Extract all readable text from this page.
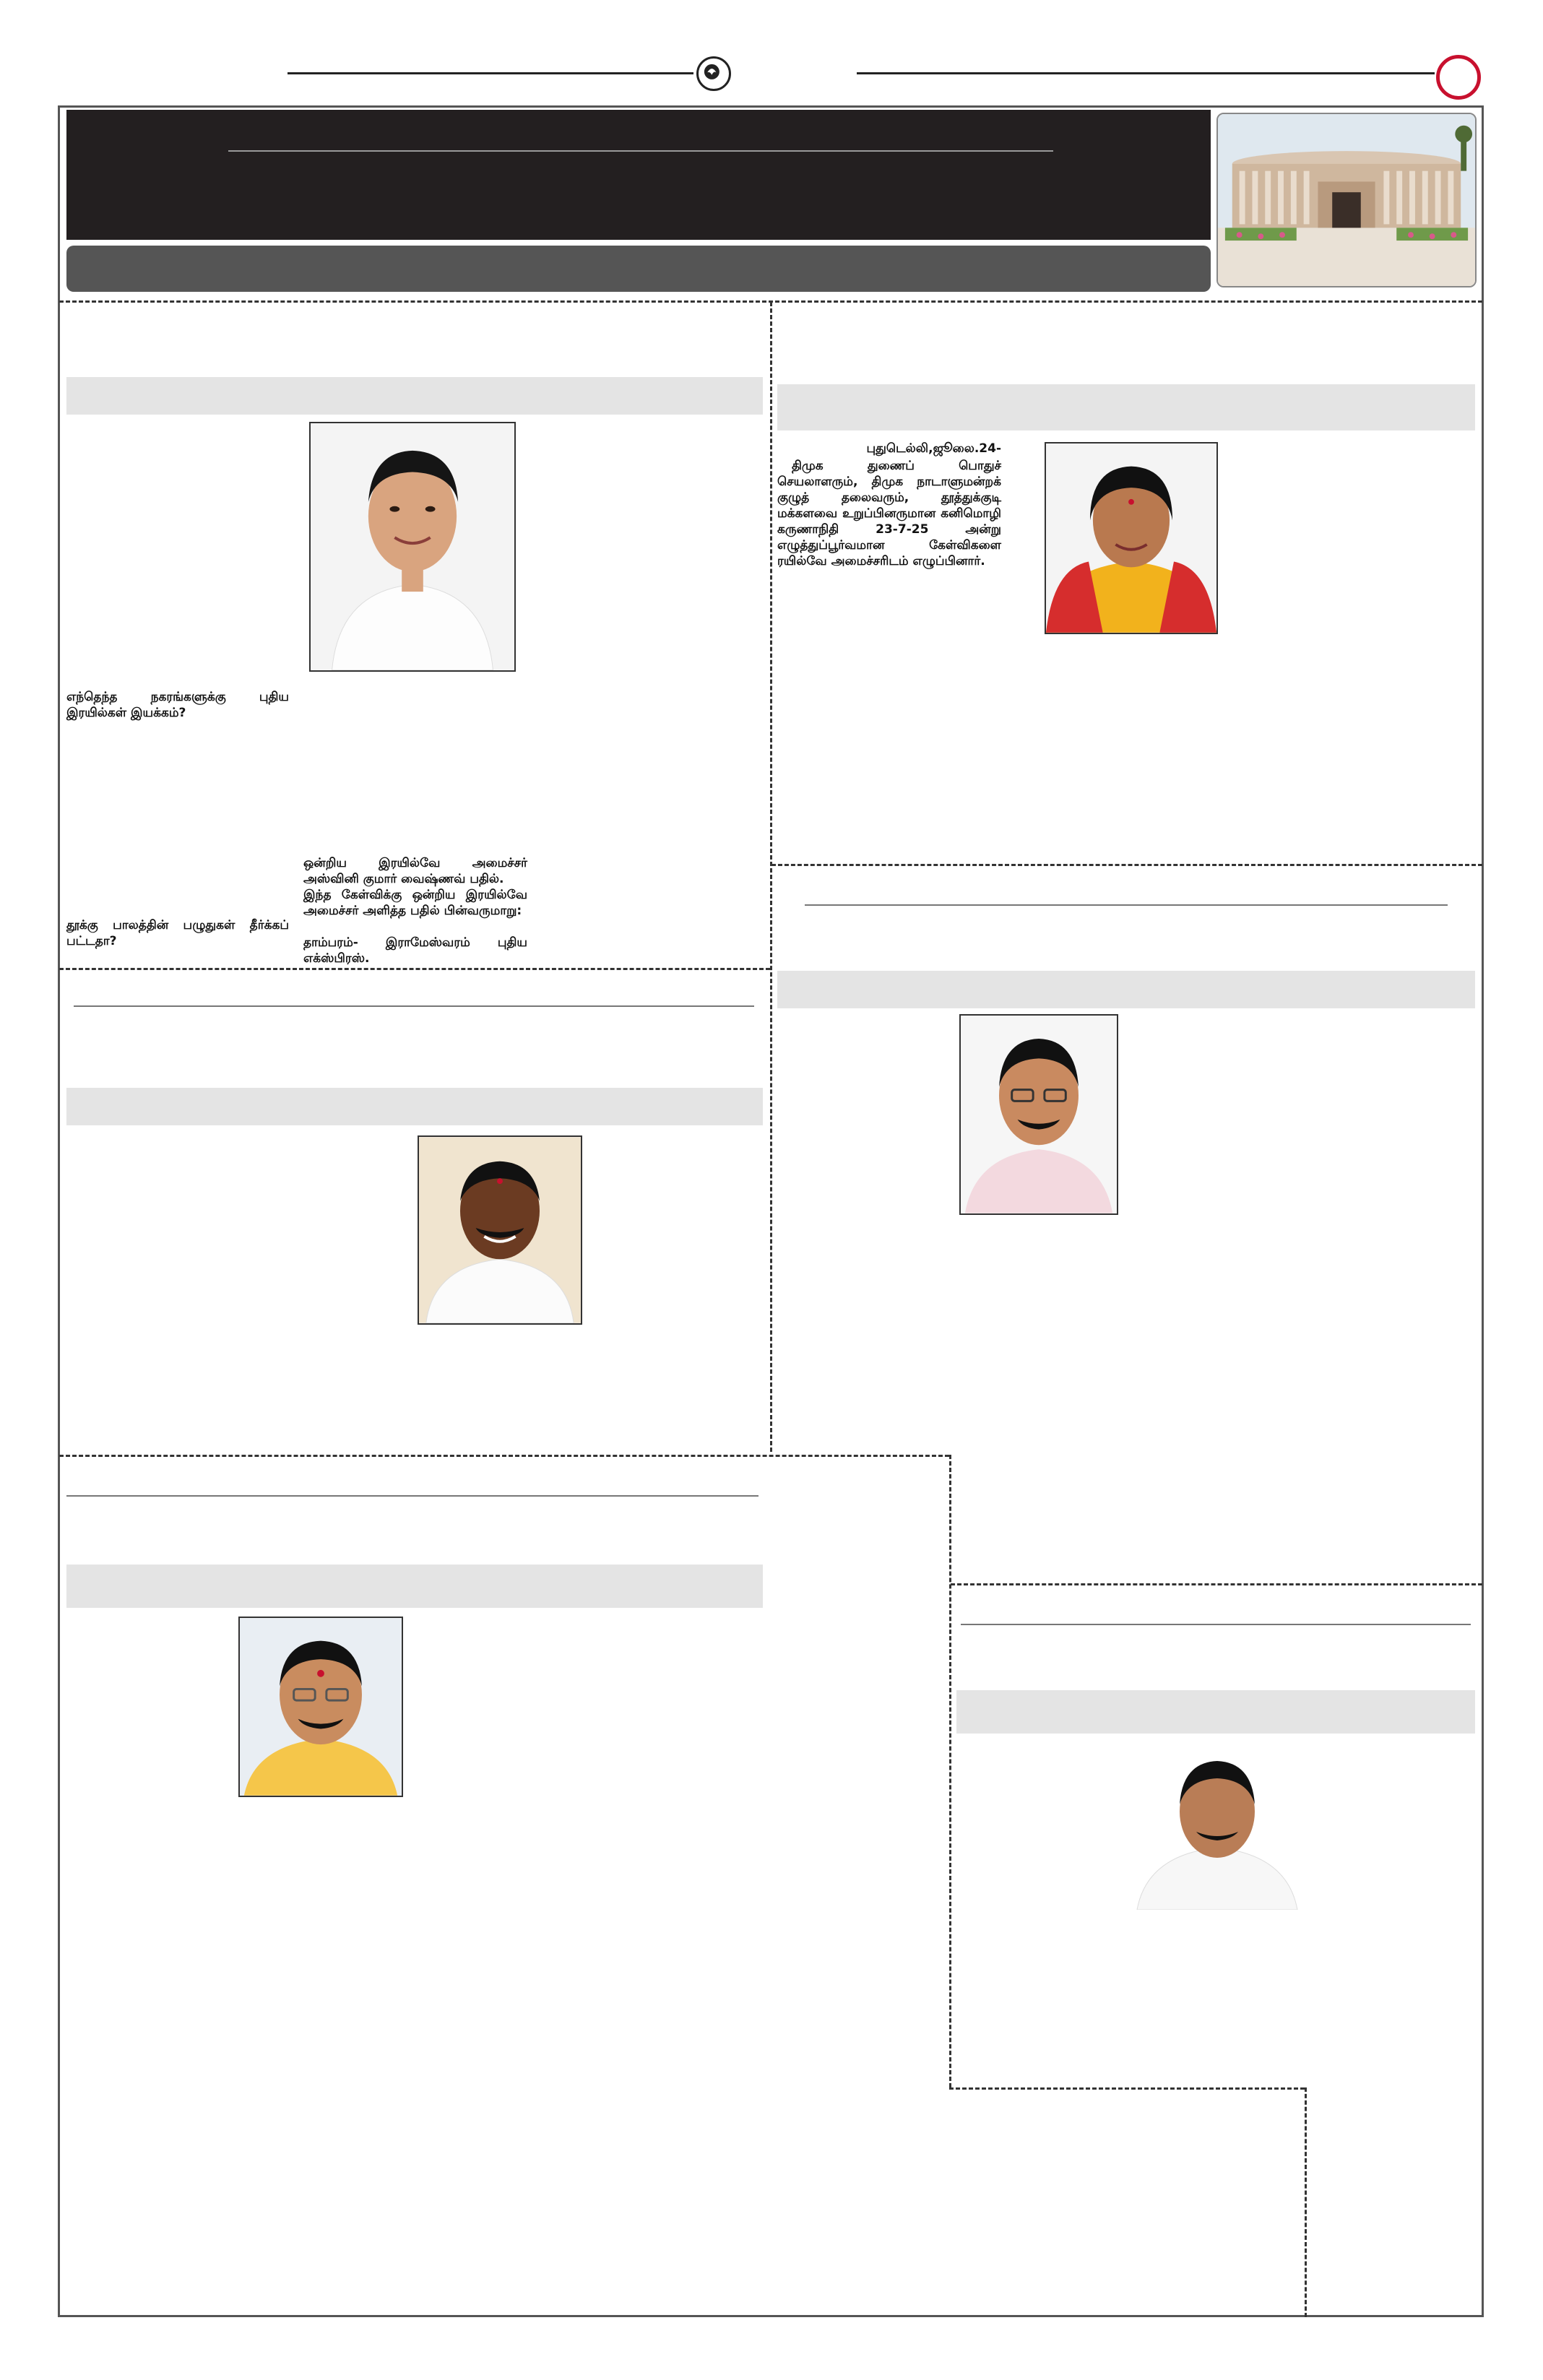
எந்தெந்த நகரங்களுக்கு புதிய இரயில்கள் இயக்கம்?
ஒன்றிய இரயில்வே அமைச்சர் அஸ்வினி குமார் வைஷ்ணவ் பதில்.
இந்த கேள்விக்கு ஒன்றிய இரயில்வே அமைச்சர் அளித்த பதில் பின்வருமாறு:
தூக்கு பாலத்தின் பழுதுகள் தீர்க்கப் பட்டதா?	தாம்பரம்- இராமேஸ்வரம் புதிய எக்ஸ்பிரஸ்.
புதுடெல்லி,ஜூலை.24-
திமுக துணைப் பொதுச் செயலாளரும், திமுக நாடாளுமன்றக் குழுத் தலைவரும், தூத்துக்குடி மக்களவை உறுப்பினருமான கனிமொழி கருணாநிதி 23-7-25 அன்று எழுத்துப்பூர்வமான கேள்விகளை ரயில்வே அமைச்சரிடம் எழுப்பினார்.
